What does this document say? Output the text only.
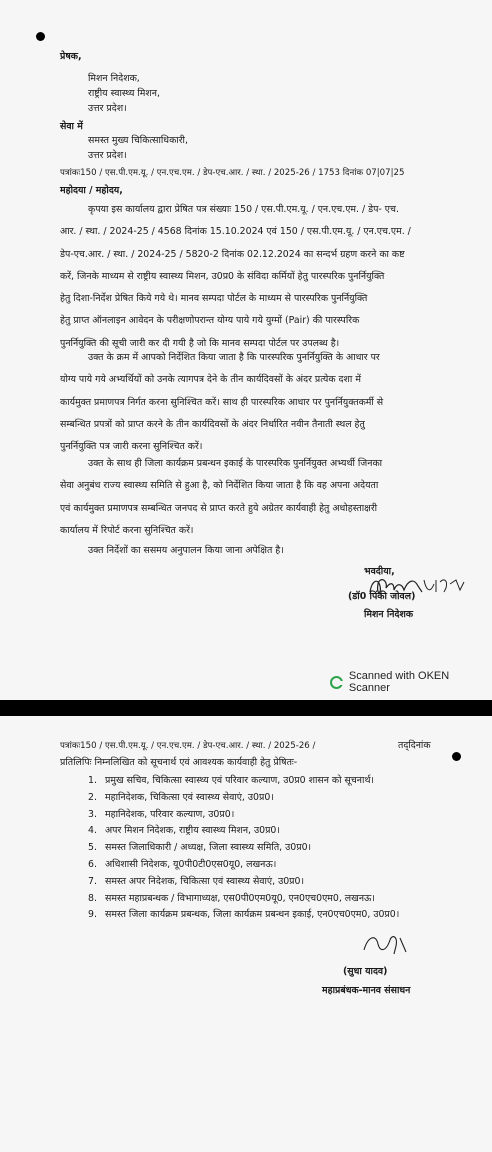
प्रेषक,
मिशन निदेशक,
राष्ट्रीय स्वास्थ्य मिशन,
उत्तर प्रदेश।
सेवा में
समस्त मुख्य चिकित्साधिकारी,
उत्तर प्रदेश।
पत्रांकः150 / एस.पी.एम.यू. / एन.एच.एम. / डेप-एच.आर. / स्था. / 2025-26 / 1753 दिनांक 07|07|25
महोदया / महोदय,
कृपया इस कार्यालय द्वारा प्रेषित पत्र संख्याः 150 / एस.पी.एम.यू. / एन.एच.एम. / डेप- एच.
आर. / स्था. / 2024-25 / 4568 दिनांक 15.10.2024 एवं 150 / एस.पी.एम.यू. / एन.एच.एम. /
डेप-एच.आर. / स्था. / 2024-25 / 5820-2 दिनांक 02.12.2024 का सन्दर्भ ग्रहण करने का कष्ट
करें, जिनके माध्यम से राष्ट्रीय स्वास्थ्य मिशन, उ0प्र0 के संविदा कर्मियों हेतु पारस्परिक पुनर्नियुक्ति
हेतु दिशा-निर्देश प्रेषित किये गये थे। मानव सम्पदा पोर्टल के माध्यम से पारस्परिक पुनर्नियुक्ति
हेतु प्राप्त ऑनलाइन आवेदन के परीक्षणोपरान्त योग्य पाये गये युग्मों (Pair) की पारस्परिक
पुनर्नियुक्ति की सूची जारी कर दी गयी है जो कि मानव सम्पदा पोर्टल पर उपलब्ध है।
उक्त के क्रम में आपको निर्देशित किया जाता है कि पारस्परिक पुनर्नियुक्ति के आधार पर
योग्य पाये गये अभ्यर्थियों को उनके त्यागपत्र देने के तीन कार्यदिवसों के अंदर प्रत्येक दशा में
कार्यमुक्त प्रमाणपत्र निर्गत करना सुनिश्चित करें। साथ ही पारस्परिक आधार पर पुनर्नियुक्तकर्मी से
सम्बन्धित प्रपत्रों को प्राप्त करने के तीन कार्यदिवसों के अंदर निर्धारित नवीन तैनाती स्थल हेतु
पुनर्नियुक्ति पत्र जारी करना सुनिश्चित करें।
उक्त के साथ ही जिला कार्यक्रम प्रबन्धन इकाई के पारस्परिक पुनर्नियुक्त अभ्यर्थी जिनका
सेवा अनुबंध राज्य स्वास्थ्य समिति से हुआ है, को निर्देशित किया जाता है कि वह अपना अदेयता
एवं कार्यमुक्त प्रमाणपत्र सम्बन्धित जनपद से प्राप्त करते हुये अग्रेतर कार्यवाही हेतु अधोहस्ताक्षरी
कार्यालय में रिपोर्ट करना सुनिश्चित करें।
उक्त निर्देशों का ससमय अनुपालन किया जाना अपेक्षित है।
भवदीया,
(डॉ0 पिंकी जोवल)
मिशन निदेशक
Scanned with OKEN Scanner
पत्रांकः150 / एस.पी.एम.यू. / एन.एच.एम. / डेप-एच.आर. / स्था. / 2025-26 /	तद्‌दिनांक
प्रतिलिपिः निम्नलिखित को सूचनार्थ एवं आवश्यक कार्यवाही हेतु प्रेषितः-
1. प्रमुख सचिव, चिकित्सा स्वास्थ्य एवं परिवार कल्याण, उ0प्र0 शासन को सूचनार्थ।
2. महानिदेशक, चिकित्सा एवं स्वास्थ्य सेवाएं, उ0प्र0।
3. महानिदेशक, परिवार कल्याण, उ0प्र0।
4. अपर मिशन निदेशक, राष्ट्रीय स्वास्थ्य मिशन, उ0प्र0।
5. समस्त जिलाधिकारी / अध्यक्ष, जिला स्वास्थ्य समिति, उ0प्र0।
6. अधिशासी निदेशक, यू0पी0टी0एस0यू0, लखनऊ।
7. समस्त अपर निदेशक, चिकित्सा एवं स्वास्थ्य सेवाएं, उ0प्र0।
8. समस्त महाप्रबन्धक / विभागाध्यक्ष, एस0पी0एम0यू0, एन0एच0एम0, लखनऊ।
9. समस्त जिला कार्यक्रम प्रबन्धक, जिला कार्यक्रम प्रबन्धन इकाई, एन0एच0एम0, उ0प्र0।
(सुधा यादव)
महाप्रबंधक-मानव संसाधन
